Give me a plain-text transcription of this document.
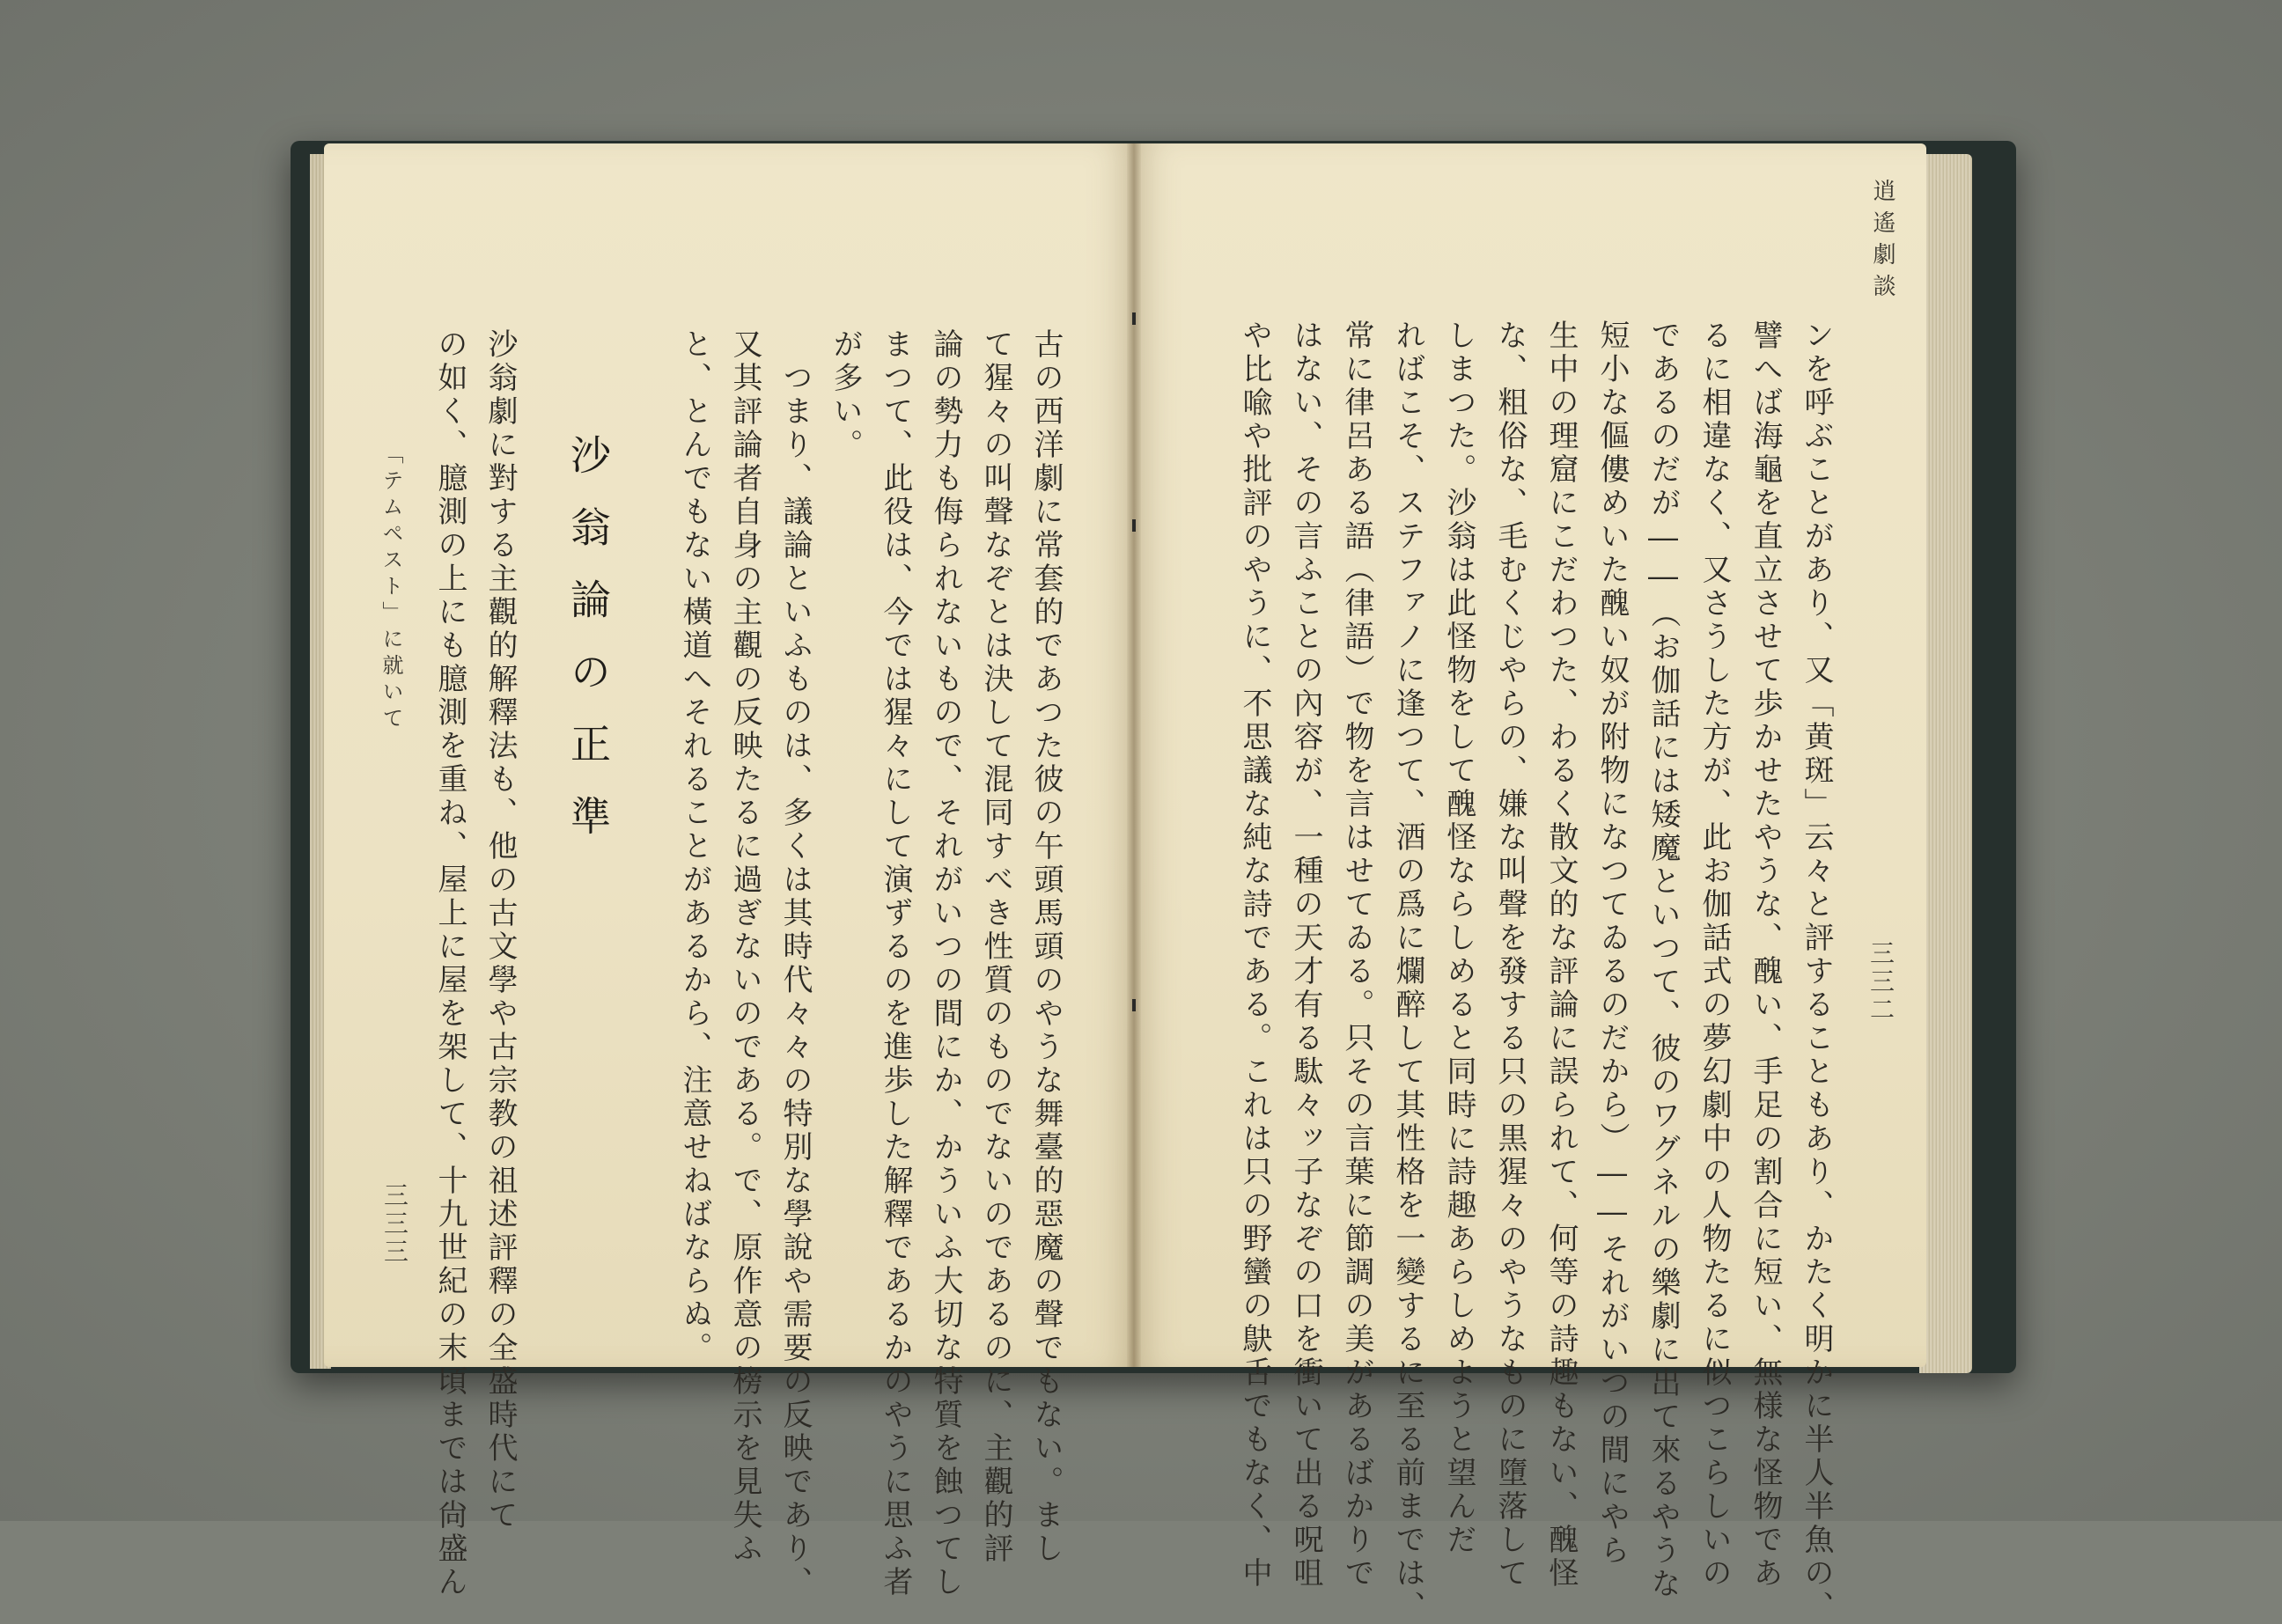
古の西洋劇に常套的であつた彼の午頭馬頭のやうな舞臺的惡魔の聲でもない。まし
て猩々の叫聲なぞとは決して混同すべき性質のものでないのであるのに、主觀的評
論の勢力も侮られないもので、それがいつの間にか、かういふ大切な特質を蝕つてし
まつて、此役は、今では猩々にして演ずるのを進歩した解釋であるかのやうに思ふ者
が多い。
　つまり、議論といふものは、多くは其時代々々の特別な學說や需要の反映であり、
又其評論者自身の主觀の反映たるに過ぎないのである。で、原作意の榜示を見失ふ
と、とんでもない橫道へそれることがあるから、注意せねばならぬ。
沙翁論の正準
沙翁劇に對する主觀的解釋法も、他の古文學や古宗教の祖述評釋の全盛時代にて
の如く、臆測の上にも臆測を重ね、屋上に屋を架して、十九世紀の末頃までは尙盛ん
「テムペスト」に就いて
三三三
逍遙劇談
三三二
ンを呼ぶことがあり、又「黄斑」云々と評することもあり、かたく明かに半人半魚の、
譬へば海龜を直立させて歩かせたやうな、醜い、手足の割合に短い、無様な怪物であ
るに相違なく、又さうした方が、此お伽話式の夢幻劇中の人物たるに似つこらしいの
であるのだが――（お伽話には矮魔といつて、彼のワグネルの樂劇に出て來るやうな
短小な傴僂めいた醜い奴が附物になつてゐるのだから）――それがいつの間にやら
生中の理窟にこだわつた、わるく散文的な評論に誤られて、何等の詩趣もない、醜怪
な、粗俗な、毛むくじやらの、嫌な叫聲を發する只の黒猩々のやうなものに墮落して
しまつた。沙翁は此怪物をして醜怪ならしめると同時に詩趣あらしめようと望んだ
ればこそ、ステファノに逢つて、酒の爲に爛醉して其性格を一變するに至る前までは、
常に律呂ある語（律語）で物を言はせてゐる。只その言葉に節調の美があるばかりで
はない、その言ふことの內容が、一種の天才有る駄々ッ子なぞの口を衝いて出る呪咀
や比喩や批評のやうに、不思議な純な詩である。これは只の野蠻の鴃舌でもなく、中
